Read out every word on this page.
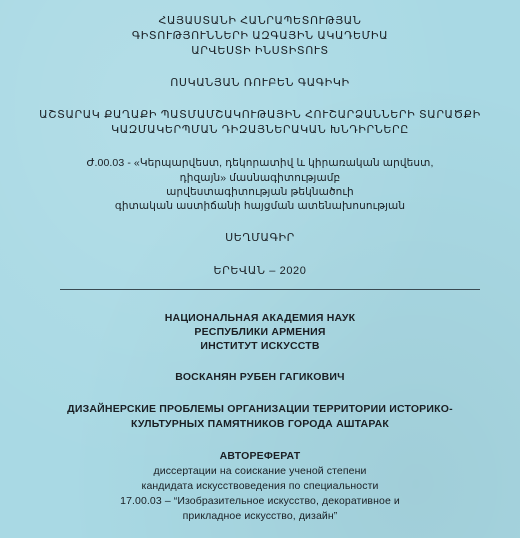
ՀԱՅԱՍՏԱՆԻ ՀԱՆՐԱՊԵՏՈՒԹՅԱՆ
ԳԻՏՈՒԹՅՈՒՆՆԵՐԻ ԱԶԳԱՅԻՆ ԱԿԱԴԵՄԻԱ
ԱՐՎԵՍՏԻ ԻՆՍՏԻՏՈՒՏ
ՈՍԿԱՆՅԱՆ ՌՈՒԲԵՆ ԳԱԳԻԿԻ
ԱՇՏԱՐԱԿ ՔԱՂԱՔԻ ՊԱՏՄԱՄՇԱԿՈՒԹԱՅԻՆ ՀՈՒՇԱՐՁԱՆՆԵՐԻ ՏԱՐԱԾՔԻ
ԿԱԶՄԱԿԵՐՊՄԱՆ ԴԻԶԱՅՆԵՐԱԿԱՆ ԽՆԴԻՐՆԵՐԸ
Ժ.00.03 - «Կերպարվեստ, դեկորատիվ և կիրառական արվեստ,
դիզայն» մասնագիտությամբ
արվեստագիտության թեկնածուի
գիտական աստիճանի հայցման ատենախոսության
ՍԵՂՄԱԳԻՐ
ԵՐԵՎԱՆ – 2020
НАЦИОНАЛЬНАЯ АКАДЕМИЯ НАУК
РЕСПУБЛИКИ АРМЕНИЯ
ИНСТИТУТ ИСКУССТВ
ВОСКАНЯН РУБЕН ГАГИКОВИЧ
ДИЗАЙНЕРСКИЕ ПРОБЛЕМЫ ОРГАНИЗАЦИИ ТЕРРИТОРИИ ИСТОРИКО-
КУЛЬТУРНЫХ ПАМЯТНИКОВ ГОРОДА АШТАРАК
АВТОРЕФЕРАТ
диссертации на соискание ученой степени
кандидата искусствоведения по специальности
17.00.03 – “Изобразительное искусство, декоративное и
прикладное искусство, дизайн”
